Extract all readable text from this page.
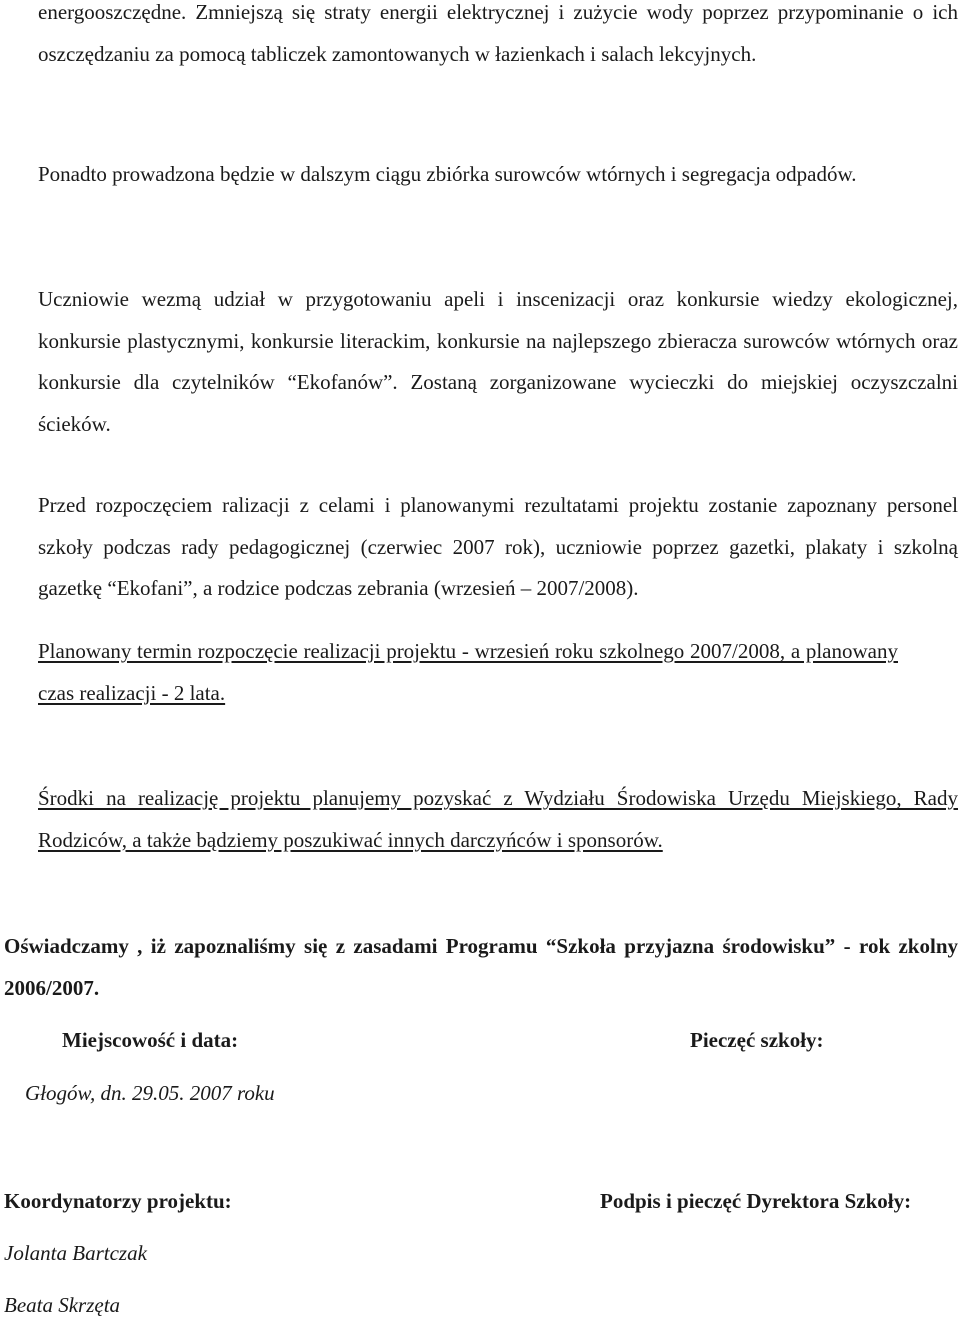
energooszczędne. Zmniejszą się straty energii elektrycznej i zużycie wody poprzez przypominanie o ich oszczędzaniu za pomocą tabliczek zamontowanych w łazienkach i salach lekcyjnych.

Ponadto prowadzona będzie w dalszym ciągu zbiórka surowców wtórnych i segregacja odpadów.

Uczniowie wezmą udział w przygotowaniu apeli i inscenizacji oraz konkursie wiedzy ekologicznej, konkursie plastycznymi, konkursie literackim, konkursie na najlepszego zbieracza surowców wtórnych oraz konkursie dla czytelników “Ekofanów”. Zostaną zorganizowane wycieczki do miejskiej oczyszczalni ścieków.

Przed rozpoczęciem ralizacji z celami i planowanymi rezultatami projektu zostanie zapoznany personel szkoły podczas rady pedagogicznej (czerwiec 2007 rok), uczniowie poprzez gazetki, plakaty i szkolną gazetkę “Ekofani”, a rodzice podczas zebrania (wrzesień – 2007/2008).

Planowany termin rozpoczęcie realizacji projektu - wrzesień roku szkolnego 2007/2008, a planowany czas realizacji - 2 lata.

Środki na realizację projektu planujemy pozyskać z Wydziału Środowiska Urzędu Miejskiego, Rady Rodziców, a także bądziemy poszukiwać innych darczyńców i sponsorów.

Oświadczamy , iż zapoznaliśmy się z zasadami Programu “Szkoła przyjazna środowisku” - rok zkolny 2006/2007.

Miejscowość i data:	Pieczęć szkoły:

Głogów, dn. 29.05. 2007 roku

Koordynatorzy projektu:	Podpis i pieczęć Dyrektora Szkoły:

Jolanta Bartczak

Beata Skrzęta
